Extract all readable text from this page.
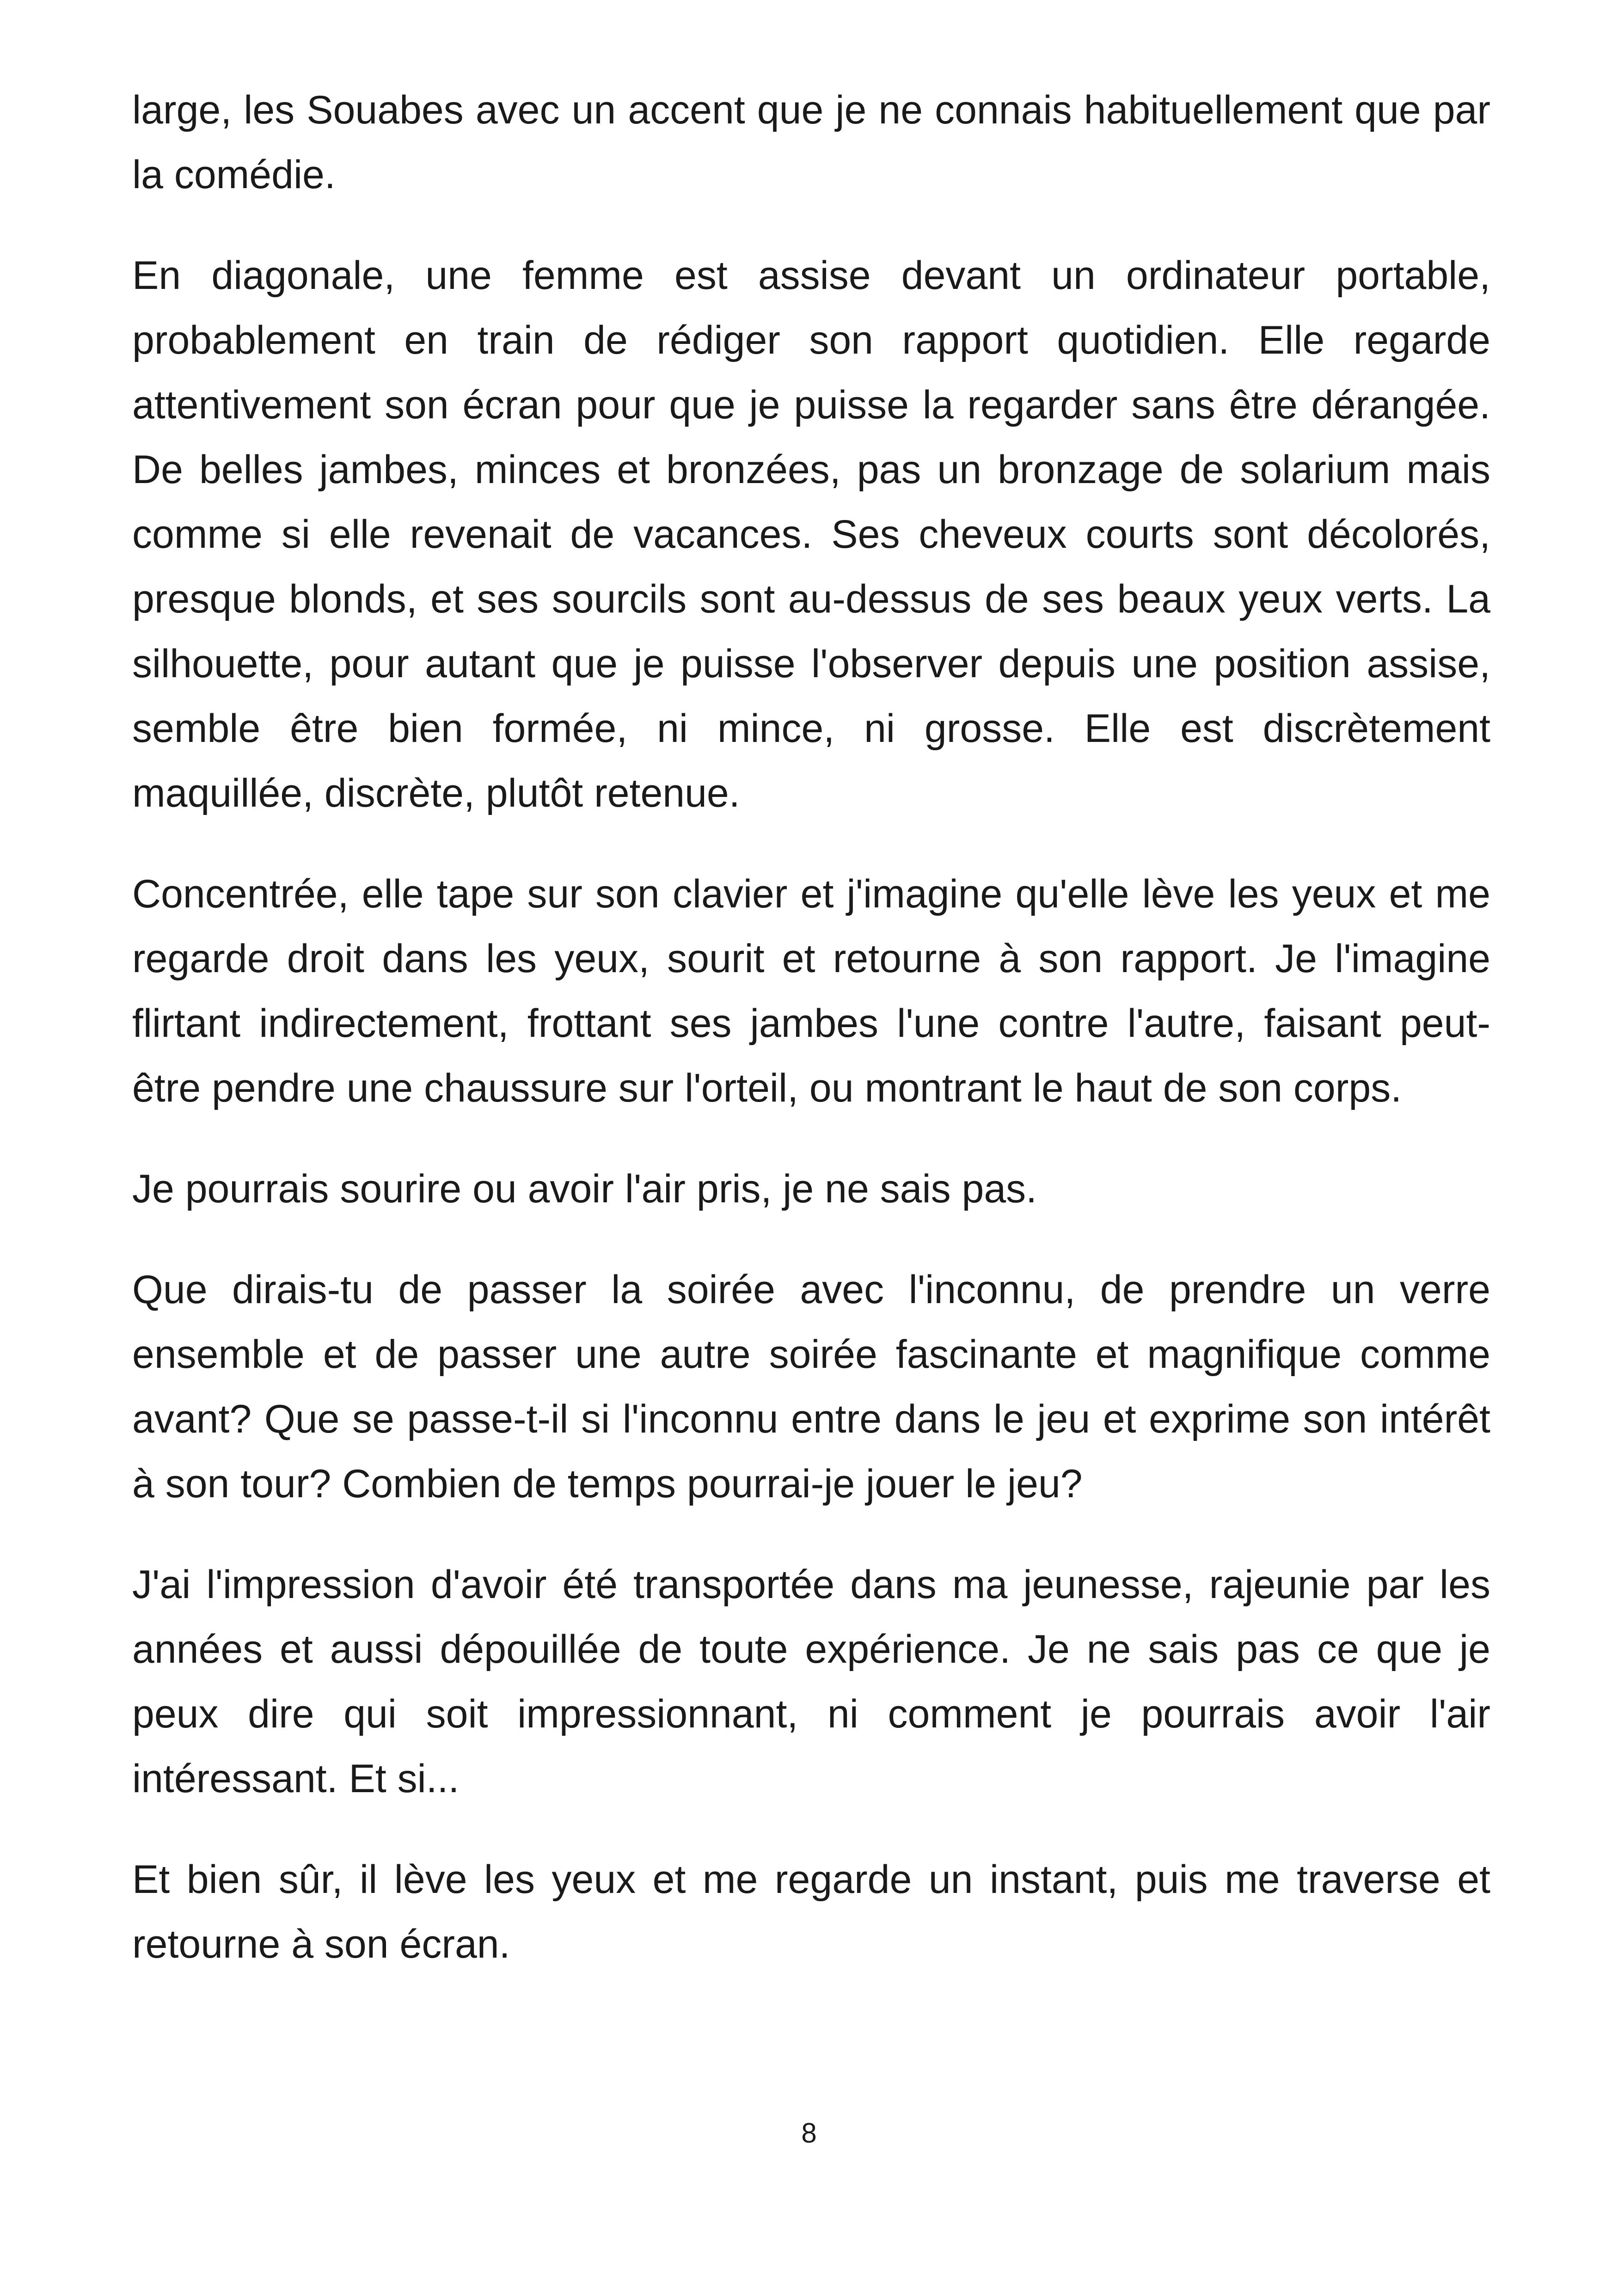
large, les Souabes avec un accent que je ne connais habituellement que par la comédie.

En diagonale, une femme est assise devant un ordinateur portable, probablement en train de rédiger son rapport quotidien. Elle regarde attentivement son écran pour que je puisse la regarder sans être dérangée. De belles jambes, minces et bronzées, pas un bronzage de solarium mais comme si elle revenait de vacances. Ses cheveux courts sont décolorés, presque blonds, et ses sourcils sont au-dessus de ses beaux yeux verts. La silhouette, pour autant que je puisse l'observer depuis une position assise, semble être bien formée, ni mince, ni grosse. Elle est discrètement maquillée, discrète, plutôt retenue.

Concentrée, elle tape sur son clavier et j'imagine qu'elle lève les yeux et me regarde droit dans les yeux, sourit et retourne à son rapport. Je l'imagine flirtant indirectement, frottant ses jambes l'une contre l'autre, faisant peut-être pendre une chaussure sur l'orteil, ou montrant le haut de son corps.

Je pourrais sourire ou avoir l'air pris, je ne sais pas.

Que dirais-tu de passer la soirée avec l'inconnu, de prendre un verre ensemble et de passer une autre soirée fascinante et magnifique comme avant? Que se passe-t-il si l'inconnu entre dans le jeu et exprime son intérêt à son tour? Combien de temps pourrai-je jouer le jeu?

J'ai l'impression d'avoir été transportée dans ma jeunesse, rajeunie par les années et aussi dépouillée de toute expérience. Je ne sais pas ce que je peux dire qui soit impressionnant, ni comment je pourrais avoir l'air intéressant. Et si...

Et bien sûr, il lève les yeux et me regarde un instant, puis me traverse et retourne à son écran.

8
